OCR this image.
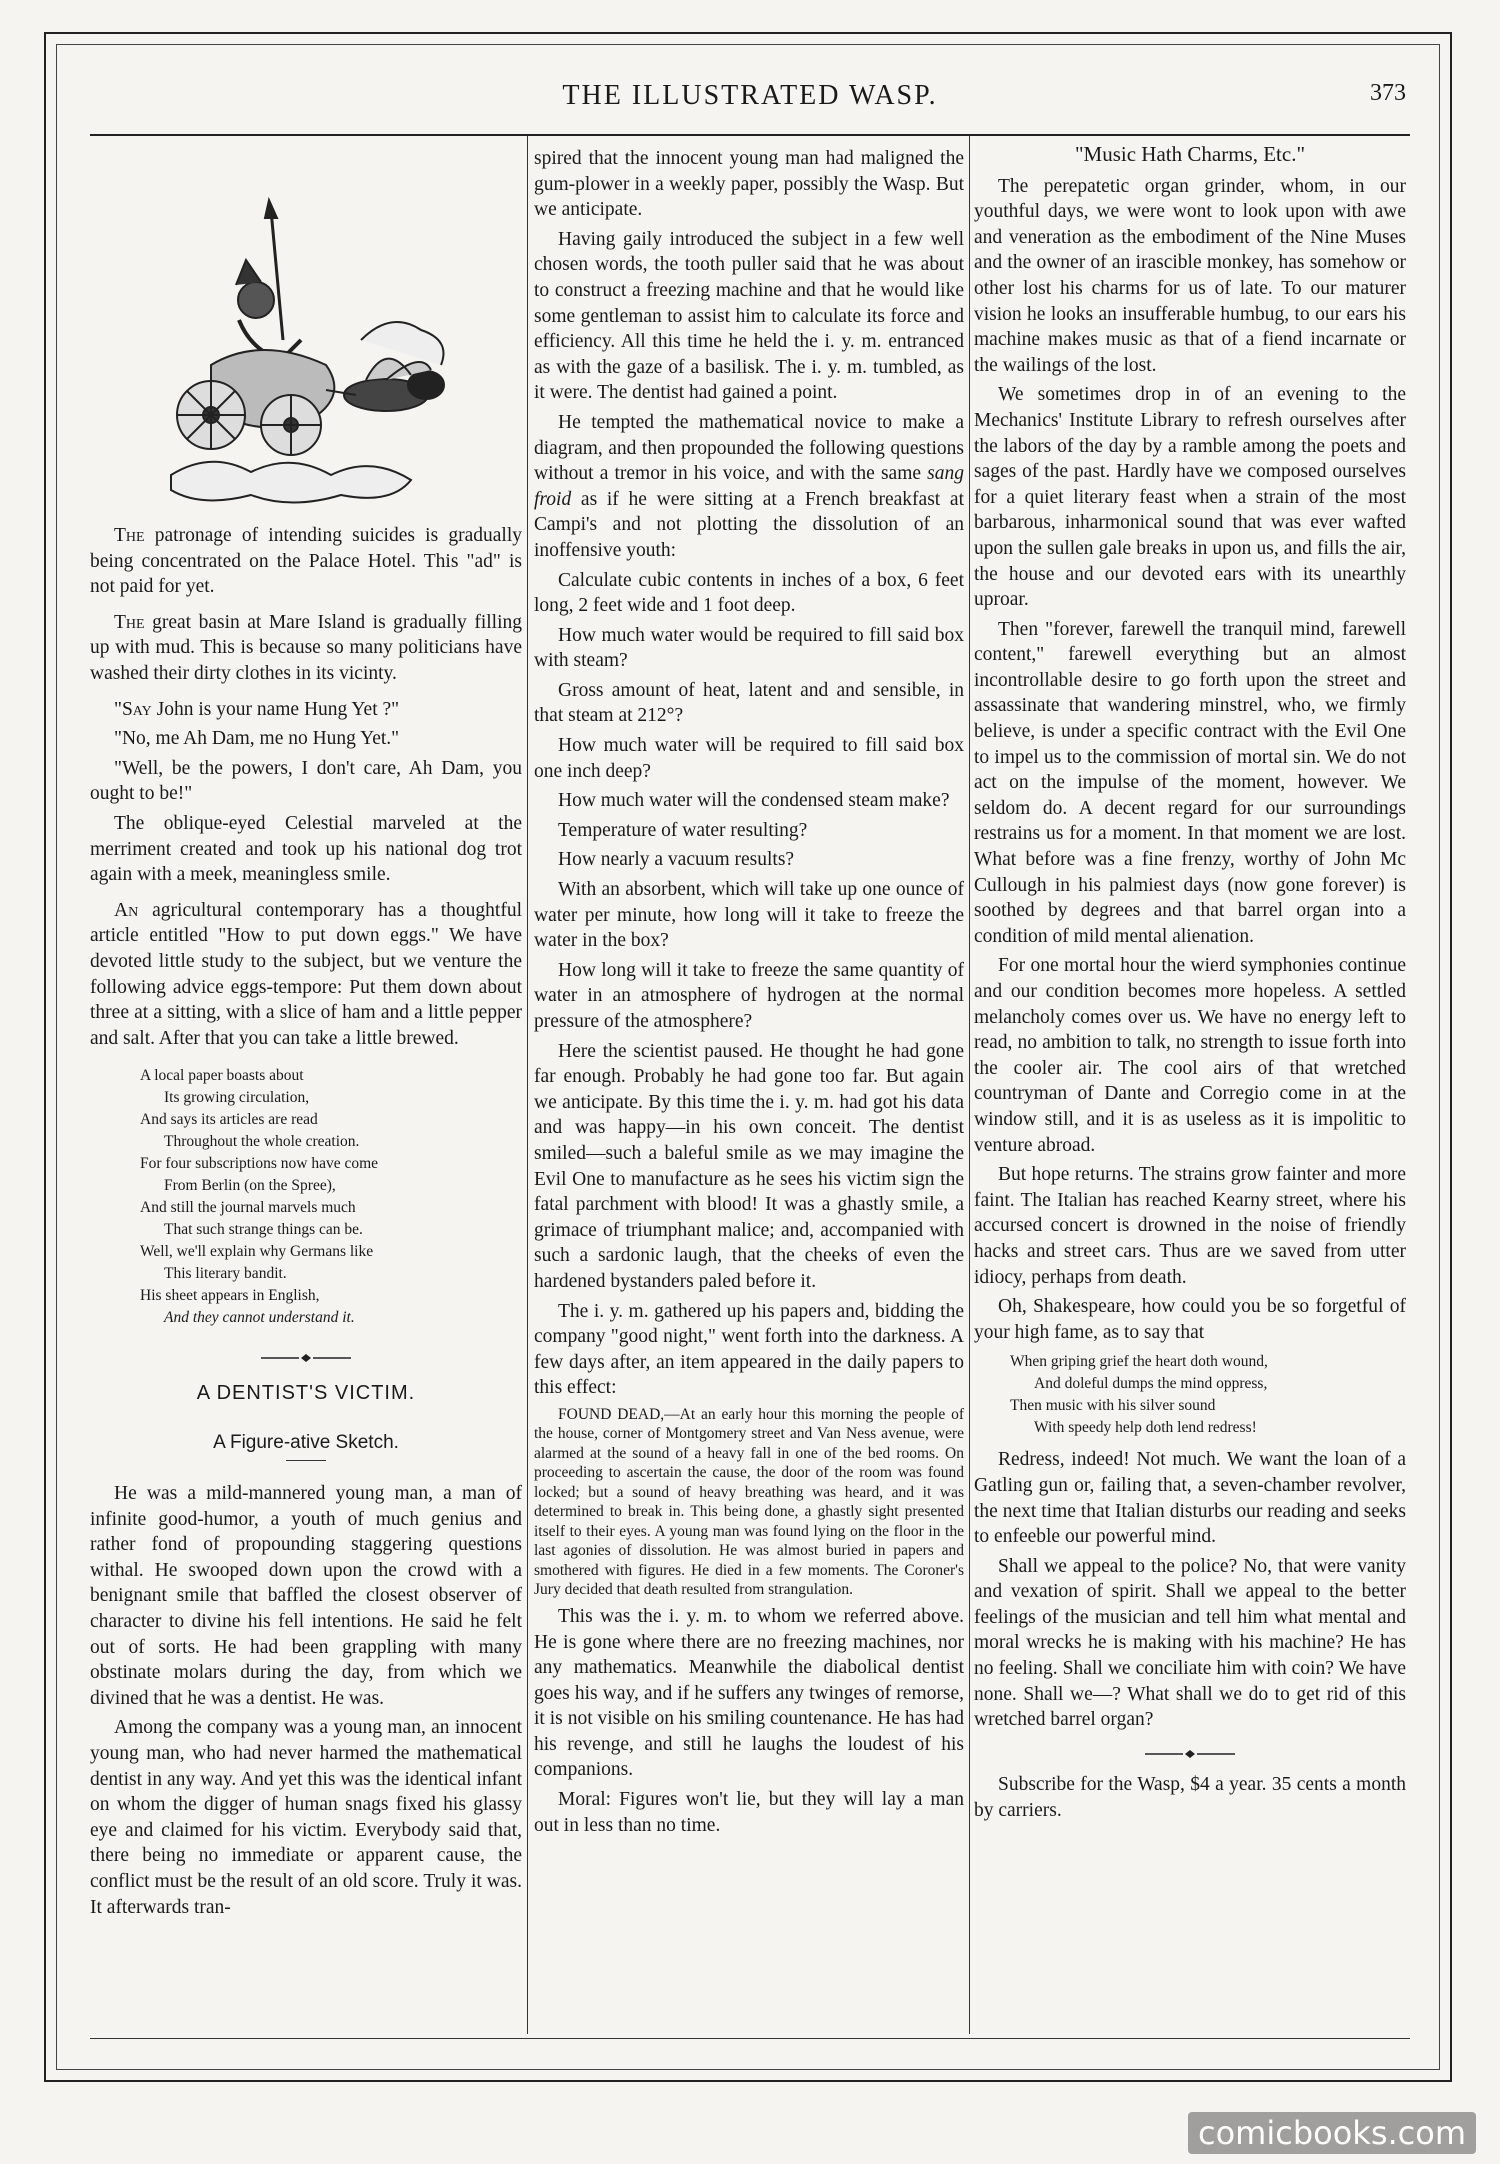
THE ILLUSTRATED WASP.	373

The patronage of intending suicides is gradually being concentrated on the Palace Hotel. This "ad" is not paid for yet.

The great basin at Mare Island is gradually filling up with mud. This is because so many politicians have washed their dirty clothes in its vicinty.

"Say John is your name Hung Yet ?"

"No, me Ah Dam, me no Hung Yet."

"Well, be the powers, I don't care, Ah Dam, you ought to be!"

The oblique-eyed Celestial marveled at the merriment created and took up his national dog trot again with a meek, meaningless smile.

An agricultural contemporary has a thoughtful article entitled "How to put down eggs." We have devoted little study to the subject, but we venture the following advice eggs-tempore: Put them down about three at a sitting, with a slice of ham and a little pepper and salt. After that you can take a little brewed.

A local paper boasts about
Its growing circulation,
And says its articles are read
Throughout the whole creation.
For four subscriptions now have come
From Berlin (on the Spree),
And still the journal marvels much
That such strange things can be.
Well, we'll explain why Germans like
This literary bandit.
His sheet appears in English,
And they cannot understand it.
A DENTIST'S VICTIM.
A Figure-ative Sketch.

He was a mild-mannered young man, a man of infinite good-humor, a youth of much genius and rather fond of propounding staggering questions withal. He swooped down upon the crowd with a benignant smile that baffled the closest observer of character to divine his fell intentions. He said he felt out of sorts. He had been grappling with many obstinate molars during the day, from which we divined that he was a dentist. He was.

Among the company was a young man, an innocent young man, who had never harmed the mathematical dentist in any way. And yet this was the identical infant on whom the digger of human snags fixed his glassy eye and claimed for his victim. Everybody said that, there being no immediate or apparent cause, the conflict must be the result of an old score. Truly it was. It afterwards tran-

spired that the innocent young man had maligned the gum-plower in a weekly paper, possibly the Wasp. But we anticipate.

Having gaily introduced the subject in a few well chosen words, the tooth puller said that he was about to construct a freezing machine and that he would like some gentleman to assist him to calculate its force and efficiency. All this time he held the i. y. m. entranced as with the gaze of a basilisk. The i. y. m. tumbled, as it were. The dentist had gained a point.

He tempted the mathematical novice to make a diagram, and then propounded the following questions without a tremor in his voice, and with the same sang froid as if he were sitting at a French breakfast at Campi's and not plotting the dissolution of an inoffensive youth:

Calculate cubic contents in inches of a box, 6 feet long, 2 feet wide and 1 foot deep.

How much water would be required to fill said box with steam?

Gross amount of heat, latent and and sensible, in that steam at 212°?

How much water will be required to fill said box one inch deep?

How much water will the condensed steam make?

Temperature of water resulting?

How nearly a vacuum results?

With an absorbent, which will take up one ounce of water per minute, how long will it take to freeze the water in the box?

How long will it take to freeze the same quantity of water in an atmosphere of hydrogen at the normal pressure of the atmosphere?

Here the scientist paused. He thought he had gone far enough. Probably he had gone too far. But again we anticipate. By this time the i. y. m. had got his data and was happy—in his own conceit. The dentist smiled—such a baleful smile as we may imagine the Evil One to manufacture as he sees his victim sign the fatal parchment with blood! It was a ghastly smile, a grimace of triumphant malice; and, accompanied with such a sardonic laugh, that the cheeks of even the hardened bystanders paled before it.

The i. y. m. gathered up his papers and, bidding the company "good night," went forth into the darkness. A few days after, an item appeared in the daily papers to this effect:

FOUND DEAD,—At an early hour this morning the people of the house, corner of Montgomery street and Van Ness avenue, were alarmed at the sound of a heavy fall in one of the bed rooms. On proceeding to ascertain the cause, the door of the room was found locked; but a sound of heavy breathing was heard, and it was determined to break in. This being done, a ghastly sight presented itself to their eyes. A young man was found lying on the floor in the last agonies of dissolution. He was almost buried in papers and smothered with figures. He died in a few moments. The Coroner's Jury decided that death resulted from strangulation.

This was the i. y. m. to whom we referred above. He is gone where there are no freezing machines, nor any mathematics. Meanwhile the diabolical dentist goes his way, and if he suffers any twinges of remorse, it is not visible on his smiling countenance. He has had his revenge, and still he laughs the loudest of his companions.

Moral: Figures won't lie, but they will lay a man out in less than no time.

"Music Hath Charms, Etc."

The perepatetic organ grinder, whom, in our youthful days, we were wont to look upon with awe and veneration as the embodiment of the Nine Muses and the owner of an irascible monkey, has somehow or other lost his charms for us of late. To our maturer vision he looks an insufferable humbug, to our ears his machine makes music as that of a fiend incarnate or the wailings of the lost.

We sometimes drop in of an evening to the Mechanics' Institute Library to refresh ourselves after the labors of the day by a ramble among the poets and sages of the past. Hardly have we composed ourselves for a quiet literary feast when a strain of the most barbarous, inharmonical sound that was ever wafted upon the sullen gale breaks in upon us, and fills the air, the house and our devoted ears with its unearthly uproar.

Then "forever, farewell the tranquil mind, farewell content," farewell everything but an almost incontrollable desire to go forth upon the street and assassinate that wandering minstrel, who, we firmly believe, is under a specific contract with the Evil One to impel us to the commission of mortal sin. We do not act on the impulse of the moment, however. We seldom do. A decent regard for our surroundings restrains us for a moment. In that moment we are lost. What before was a fine frenzy, worthy of John Mc Cullough in his palmiest days (now gone forever) is soothed by degrees and that barrel organ into a condition of mild mental alienation.

For one mortal hour the wierd symphonies continue and our condition becomes more hopeless. A settled melancholy comes over us. We have no energy left to read, no ambition to talk, no strength to issue forth into the cooler air. The cool airs of that wretched countryman of Dante and Corregio come in at the window still, and it is as useless as it is impolitic to venture abroad.

But hope returns. The strains grow fainter and more faint. The Italian has reached Kearny street, where his accursed concert is drowned in the noise of friendly hacks and street cars. Thus are we saved from utter idiocy, perhaps from death.

Oh, Shakespeare, how could you be so forgetful of your high fame, as to say that

When griping grief the heart doth wound,
And doleful dumps the mind oppress,
Then music with his silver sound
With speedy help doth lend redress!

Redress, indeed! Not much. We want the loan of a Gatling gun or, failing that, a seven-chamber revolver, the next time that Italian disturbs our reading and seeks to enfeeble our powerful mind.

Shall we appeal to the police? No, that were vanity and vexation of spirit. Shall we appeal to the better feelings of the musician and tell him what mental and moral wrecks he is making with his machine? He has no feeling. Shall we conciliate him with coin? We have none. Shall we—? What shall we do to get rid of this wretched barrel organ?

Subscribe for the Wasp, $4 a year. 35 cents a month by carriers.

comicbooks.com
